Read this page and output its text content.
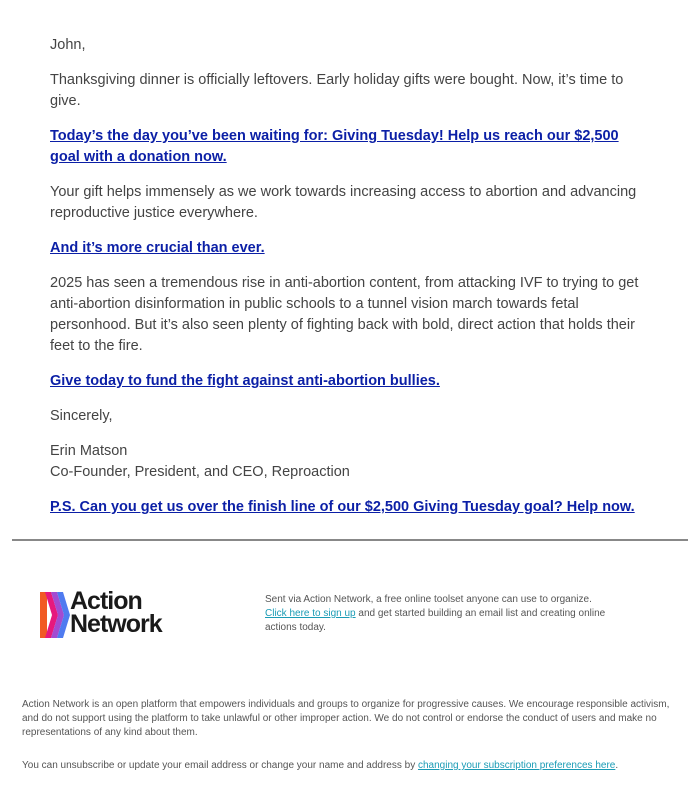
John,

Thanksgiving dinner is officially leftovers. Early holiday gifts were bought. Now, it’s time to give.

Today’s the day you’ve been waiting for: Giving Tuesday! Help us reach our $2,500 goal with a donation now.

Your gift helps immensely as we work towards increasing access to abortion and advancing reproductive justice everywhere.

And it’s more crucial than ever.

2025 has seen a tremendous rise in anti-abortion content, from attacking IVF to trying to get anti-abortion disinformation in public schools to a tunnel vision march towards fetal personhood. But it’s also seen plenty of fighting back with bold, direct action that holds their feet to the fire.

Give today to fund the fight against anti-abortion bullies.

Sincerely,

Erin Matson
Co-Founder, President, and CEO, Reproaction

P.S. Can you get us over the finish line of our $2,500 Giving Tuesday goal? Help now.

Action
Network
Sent via Action Network, a free online toolset anyone can use to organize.
Click here to sign up and get started building an email list and creating online actions today.
Action Network is an open platform that empowers individuals and groups to organize for progressive causes. We encourage responsible activism, and do not support using the platform to take unlawful or other improper action. We do not control or endorse the conduct of users and make no representations of any kind about them.
You can unsubscribe or update your email address or change your name and address by changing your subscription preferences here.
